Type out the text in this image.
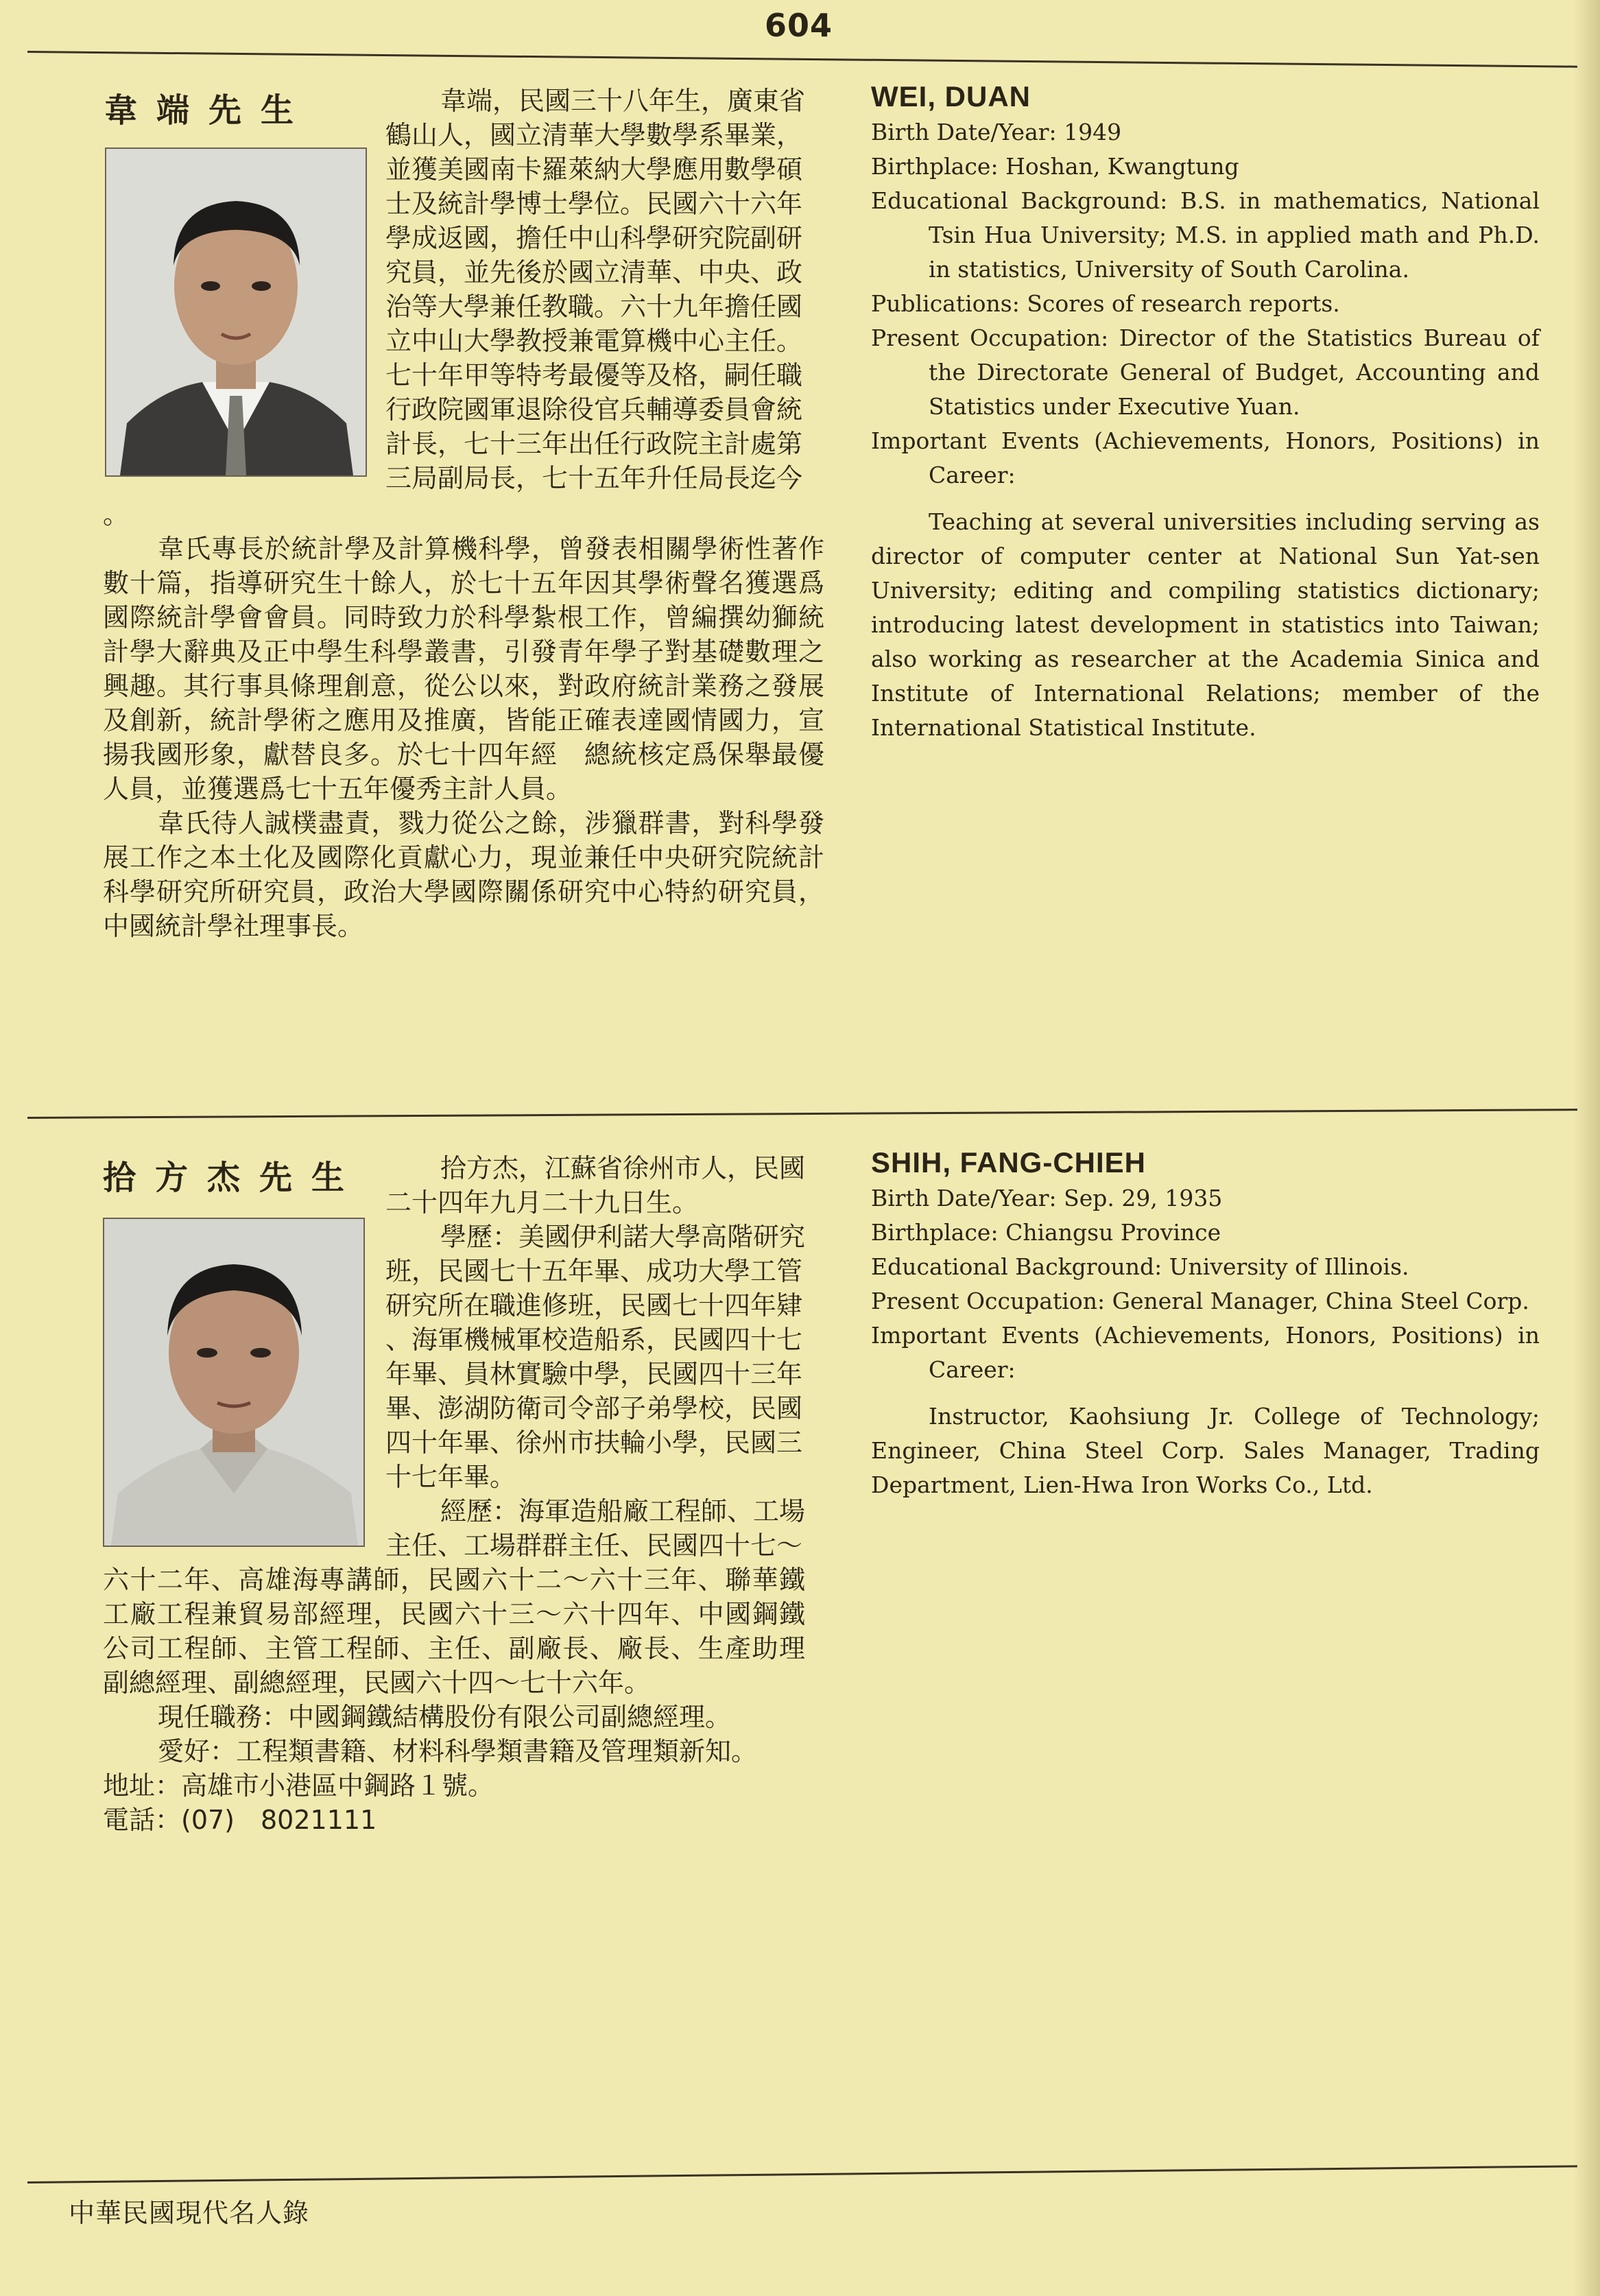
604
韋端先生	韋端，民國三十八年生，廣東省
鶴山人，國立清華大學數學系畢業，
並獲美國南卡羅萊納大學應用數學碩
士及統計學博士學位。民國六十六年
學成返國，擔任中山科學研究院副研
究員，並先後於國立清華、中央、政
治等大學兼任教職。六十九年擔任國
立中山大學教授兼電算機中心主任。
七十年甲等特考最優等及格，嗣任職
行政院國軍退除役官兵輔導委員會統
計長，七十三年出任行政院主計處第
三局副局長，七十五年升任局長迄今
。
韋氏專長於統計學及計算機科學，曾發表相關學術性著作數十篇，指導研究生十餘人，於七十五年因其學術聲名獲選爲國際統計學會會員。同時致力於科學紮根工作，曾編撰幼獅統計學大辭典及正中學生科學叢書，引發青年學子對基礎數理之興趣。其行事具條理創意，從公以來，對政府統計業務之發展及創新，統計學術之應用及推廣，皆能正確表達國情國力，宣揚我國形象，獻替良多。於七十四年經　總統核定爲保舉最優人員，並獲選爲七十五年優秀主計人員。
韋氏待人誠樸盡責，戮力從公之餘，涉獵群書，對科學發展工作之本土化及國際化貢獻心力，現並兼任中央研究院統計科學研究所研究員，政治大學國際關係研究中心特約研究員，中國統計學社理事長。
WEI, DUAN

Birth Date/Year: 1949

Birthplace: Hoshan, Kwangtung

Educational Background: B.S. in mathematics, National Tsin Hua University; M.S. in applied math and Ph.D. in statistics, University of South Carolina.

Publications: Scores of research reports.

Present Occupation: Director of the Statistics Bureau of the Directorate General of Budget, Accounting and Statistics under Executive Yuan.

Important Events (Achievements, Honors, Positions) in Career:

Teaching at several universities including serving as director of computer center at National Sun Yat-sen University; editing and compiling statistics dictionary; introducing latest development in statistics into Taiwan; also working as researcher at the Academia Sinica and Institute of International Relations; member of the International Statistical Institute.

拾方杰先生	拾方杰，江蘇省徐州市人，民國
二十四年九月二十九日生。
學歷：美國伊利諾大學高階研究
班，民國七十五年畢、成功大學工管
研究所在職進修班，民國七十四年肄
、海軍機械軍校造船系，民國四十七
年畢、員林實驗中學，民國四十三年
畢、澎湖防衛司令部子弟學校，民國
四十年畢、徐州市扶輪小學，民國三
十七年畢。
經歷：海軍造船廠工程師、工場
主任、工場群群主任、民國四十七～
六十二年、高雄海專講師，民國六十二～六十三年、聯華鐵工廠工程兼貿易部經理，民國六十三～六十四年、中國鋼鐵公司工程師、主管工程師、主任、副廠長、廠長、生產助理副總經理、副總經理，民國六十四～七十六年。
現任職務：中國鋼鐵結構股份有限公司副總經理。
愛好：工程類書籍、材料科學類書籍及管理類新知。
地址：高雄市小港區中鋼路１號。
電話：(07)　8021111
SHIH, FANG-CHIEH

Birth Date/Year: Sep. 29, 1935

Birthplace: Chiangsu Province

Educational Background: University of Illinois.

Present Occupation: General Manager, China Steel Corp.

Important Events (Achievements, Honors, Positions) in Career:

Instructor, Kaohsiung Jr. College of Technology; Engineer, China Steel Corp. Sales Manager, Trading Department, Lien-Hwa Iron Works Co., Ltd.

中華民國現代名人錄
